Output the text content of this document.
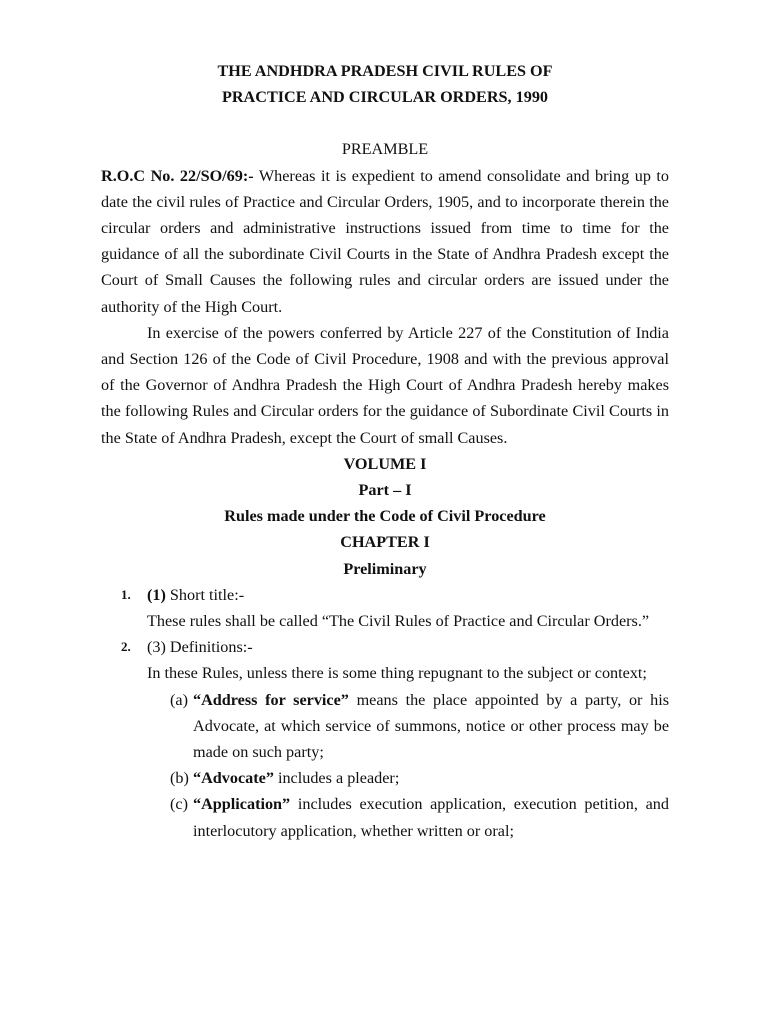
THE ANDHDRA PRADESH CIVIL RULES OF

PRACTICE AND CIRCULAR ORDERS, 1990

PREAMBLE

R.O.C No. 22/SO/69:- Whereas it is expedient to amend consolidate and bring up to date the civil rules of Practice and Circular Orders, 1905, and to incorporate therein the circular orders and administrative instructions issued from time to time for the guidance of all the subordinate Civil Courts in the State of Andhra Pradesh except the Court of Small Causes the following rules and circular orders are issued under the authority of the High Court.

In exercise of the powers conferred by Article 227 of the Constitution of India and Section 126 of the Code of Civil Procedure, 1908 and with the previous approval of the Governor of Andhra Pradesh the High Court of Andhra Pradesh hereby makes the following Rules and Circular orders for the guidance of Subordinate Civil Courts in the State of Andhra Pradesh, except the Court of small Causes.

VOLUME I

Part – I

Rules made under the Code of Civil Procedure

CHAPTER I

Preliminary

1. (1) Short title:-

These rules shall be called “The Civil Rules of Practice and Circular Orders.”

2. (3) Definitions:-

In these Rules, unless there is some thing repugnant to the subject or context;

(a) “Address for service” means the place appointed by a party, or his Advocate, at which service of summons, notice or other process may be made on such party;

(b) “Advocate” includes a pleader;

(c) “Application” includes execution application, execution petition, and interlocutory application, whether written or oral;
